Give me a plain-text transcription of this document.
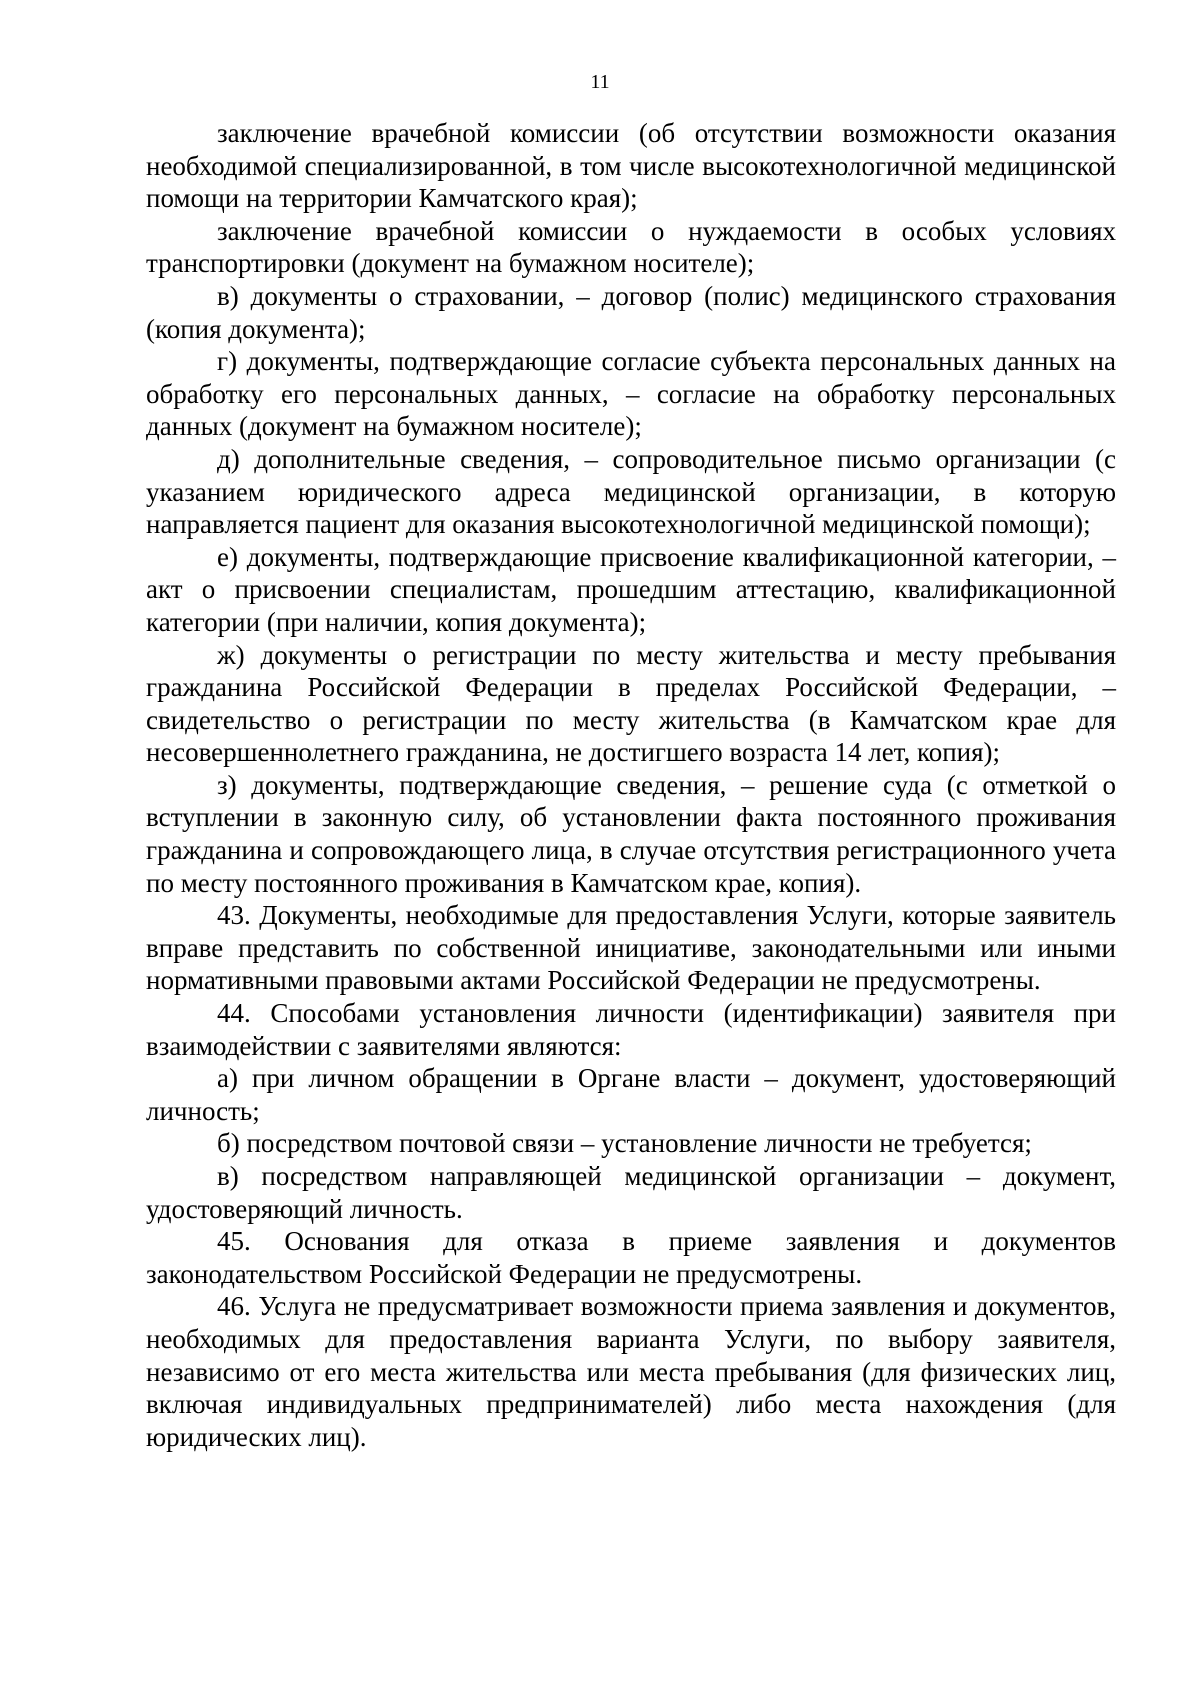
11

заключение врачебной комиссии (об отсутствии возможности оказания необходимой специализированной, в том числе высокотехнологичной медицинской помощи на территории Камчатского края);

заключение врачебной комиссии о нуждаемости в особых условиях транспортировки (документ на бумажном носителе);

в) документы о страховании, – договор (полис) медицинского страхования (копия документа);

г) документы, подтверждающие согласие субъекта персональных данных на обработку его персональных данных, – согласие на обработку персональных данных (документ на бумажном носителе);

д) дополнительные сведения, – сопроводительное письмо организации (с указанием юридического адреса медицинской организации, в которую направляется пациент для оказания высокотехнологичной медицинской помощи);

е) документы, подтверждающие присвоение квалификационной категории, – акт о присвоении специалистам, прошедшим аттестацию, квалификационной категории (при наличии, копия документа);

ж) документы о регистрации по месту жительства и месту пребывания гражданина Российской Федерации в пределах Российской Федерации, – свидетельство о регистрации по месту жительства (в Камчатском крае для несовершеннолетнего гражданина, не достигшего возраста 14 лет, копия);

з) документы, подтверждающие сведения, – решение суда (с отметкой о вступлении в законную силу, об установлении факта постоянного проживания гражданина и сопровождающего лица, в случае отсутствия регистрационного учета по месту постоянного проживания в Камчатском крае, копия).

43. Документы, необходимые для предоставления Услуги, которые заявитель вправе представить по собственной инициативе, законодательными или иными нормативными правовыми актами Российской Федерации не предусмотрены.

44. Способами установления личности (идентификации) заявителя при взаимодействии с заявителями являются:

а) при личном обращении в Органе власти – документ, удостоверяющий личность;

б) посредством почтовой связи – установление личности не требуется;

в) посредством направляющей медицинской организации – документ, удостоверяющий личность.

45. Основания для отказа в приеме заявления и документов законодательством Российской Федерации не предусмотрены.

46. Услуга не предусматривает возможности приема заявления и документов, необходимых для предоставления варианта Услуги, по выбору заявителя, независимо от его места жительства или места пребывания (для физических лиц, включая индивидуальных предпринимателей) либо места нахождения (для юридических лиц).
